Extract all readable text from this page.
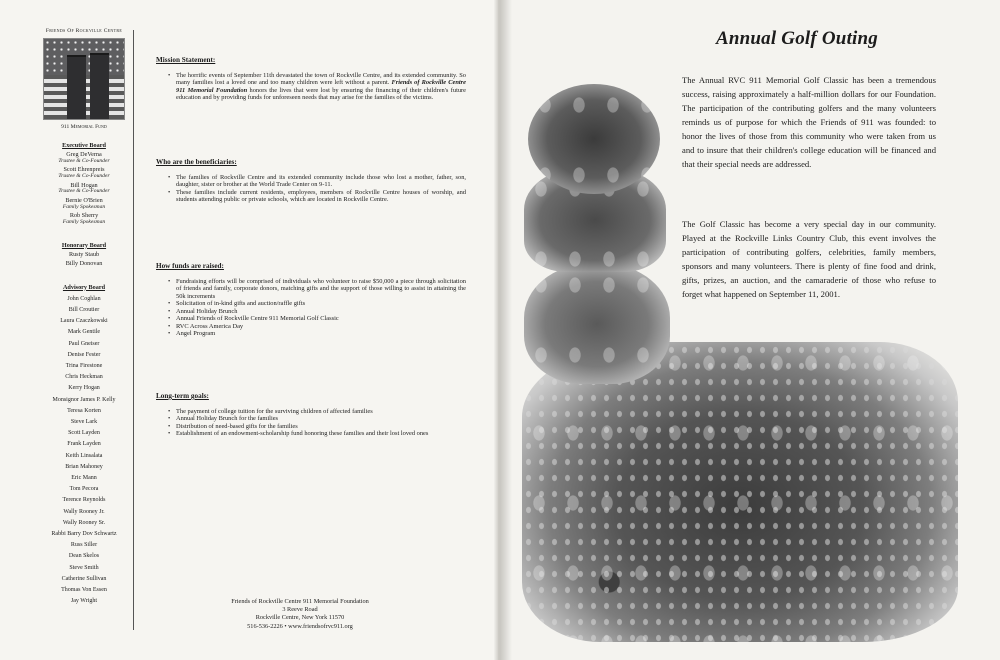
Friends Of Rockville Centre
911 Memorial Fund
Executive Board
Greg DeVerna
Trustee & Co-Founder
Scott Ehrenpreis
Trustee & Co-Founder
Bill Hogan
Trustee & Co-Founder
Bernie O'Brien
Family Spokesman
Rob Sherry
Family Spokesman
Honorary Board
Rusty Staub
Billy Donovan
Advisory Board
John Coghlan
Bill Croutier
Laura Czaczkowski
Mark Gentile
Paul Gneiser
Denise Fester
Trina Firestone
Chris Heckman
Kerry Hogan
Monsignor James P. Kelly
Teresa Korten
Steve Lark
Scott Layden
Frank Layden
Keith Linsalata
Brian Mahoney
Eric Mann
Tom Pecora
Terence Reynolds
Wally Rooney Jr.
Wally Rooney Sr.
Rabbi Barry Dov Schwartz
Russ Siller
Dean Skelos
Steve Smith
Catherine Sullivan
Thomas Von Essen
Jay Wright
Mission Statement:
• The horrific events of September 11th devastated the town of Rockville Centre, and its extended community. So many families lost a loved one and too many children were left without a parent. Friends of Rockville Centre 911 Memorial Foundation honors the lives that were lost by ensuring the financing of their children's future education and by providing funds for unforeseen needs that may arise for the families of the victims.
Who are the beneficiaries:
• The families of Rockville Centre and its extended community include those who lost a mother, father, son, daughter, sister or brother at the World Trade Center on 9-11.
• These families include current residents, employees, members of Rockville Centre houses of worship, and students attending public or private schools, which are located in Rockville Centre.
How funds are raised:
• Fundraising efforts will be comprised of individuals who volunteer to raise $50,000 a piece through solicitation of friends and family, corporate donors, matching gifts and the support of those willing to assist in attaining the 50k increments
• Solicitation of in-kind gifts and auction/raffle gifts
• Annual Holiday Brunch
• Annual Friends of Rockville Centre 911 Memorial Golf Classic
• RVC Across America Day
• Angel Program
Long-term goals:
• The payment of college tuition for the surviving children of affected families
• Annual Holiday Brunch for the families
• Distribution of need-based gifts for the families
• Establishment of an endowment-scholarship fund honoring these families and their lost loved ones
Friends of Rockville Centre 911 Memorial Foundation
3 Reeve Road
Rockville Centre, New York 11570
516-536-2226 • www.friendsofrvc911.org
Annual Golf Outing
The Annual RVC 911 Memorial Golf Classic has been a tremendous success, raising approximately a half-million dollars for our Foundation. The participation of the contributing golfers and the many volunteers reminds us of purpose for which the Friends of 911 was founded: to honor the lives of those from this community who were taken from us and to insure that their children's college education will be financed and that their special needs are addressed.
The Golf Classic has become a very special day in our community. Played at the Rockville Links Country Club, this event involves the participation of contributing golfers, celebrities, family members, sponsors and many volunteers. There is plenty of fine food and drink, gifts, prizes, an auction, and the camaraderie of those who refuse to forget what happened on September 11, 2001.
